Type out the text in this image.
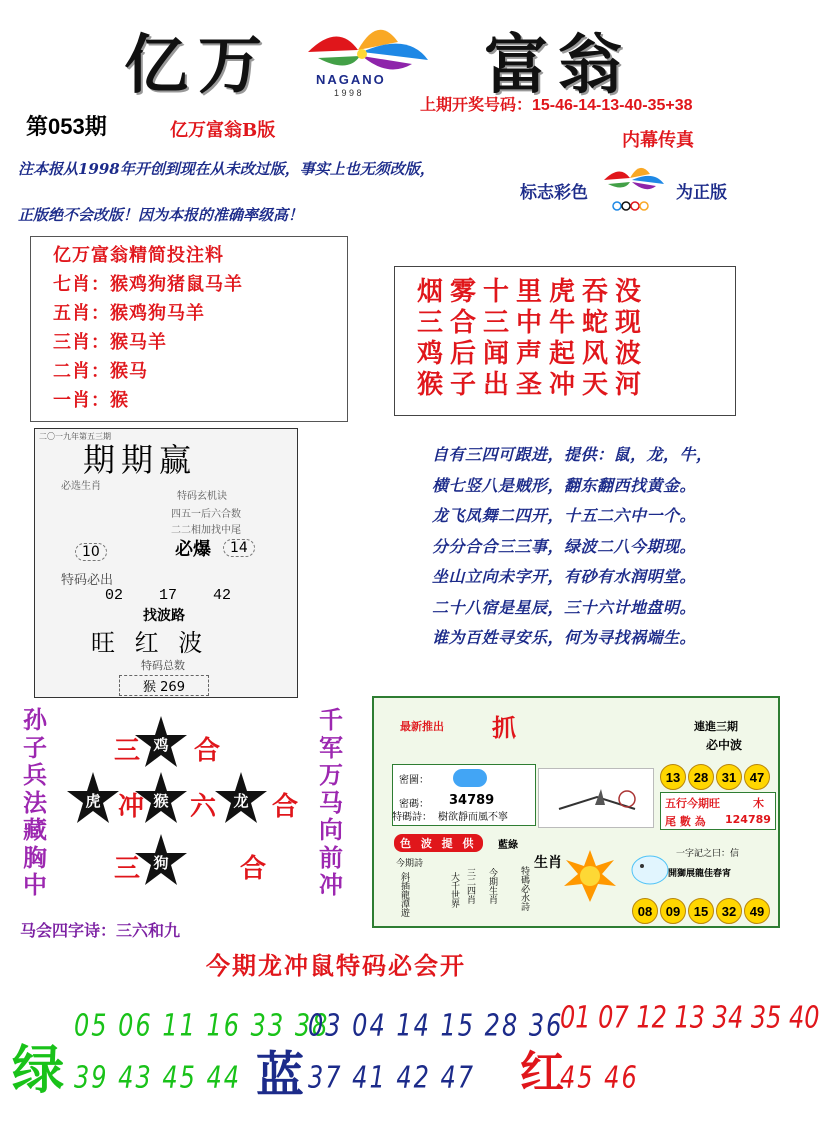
亿万	NAGANO
1 9 9 8 富翁
第053期	亿万富翁B版
上期开奖号码：15-46-14-13-40-35+38
内幕传真
注本报从1998年开创到现在从未改过版，事实上也无须改版，
正版绝不会改版！因为本报的准确率级高！
标志彩色	为正版
亿万富翁精简投注料
七肖：猴鸡狗猪鼠马羊
五肖：猴鸡狗马羊
三肖：猴马羊
二肖：猴马
一肖：猴
烟雾十里虎吞没
三合三中牛蛇现
鸡后闻声起风波
猴子出圣冲天河
二〇一九年第五三期
期期赢
必选生肖
特码玄机诀
四五一后六合数
二二相加找中尾
必爆
10	14
特码必出
02    17    42
找波路
旺 红 波
特码总数
猴 269
自有三四可跟进，提供：鼠，龙，牛，
横七竖八是贼形，翻东翻西找黄金。
龙飞凤舞二四开，十五二六中一个。
分分合合三三事，绿波二八今期现。
坐山立向未字开，有砂有水润明堂。
二十八宿是星辰，三十六计地盘明。
谁为百姓寻安乐，何为寻找祸端生。
孙
子
兵
法
藏
胸
中
千
军
万
马
向
前
冲
三 鸡 合
虎 冲 猴 六	龙 合
三 狗	合
马会四字诗：三六和九
最新推出 抓	連進三期
必中波
密圖：
密碼： 34789
特碼詩： 樹欲靜而風不寧
13	28	31	47
五行今期旺	木
尾 數 為 124789
色 波 提 供	藍綠
今期詩
斜插龍潭遊	大千世界 三二四肖 今期生肖 特碼必水詩
生肖
一字記之曰：信
開獅展龍佳春宵
08	09	15	32	49
今期龙冲鼠特码必会开
绿
05 06 11 16 33 38
39 43 45 44 蓝
03 04 14 15 28 36
37 41 42 47 红
01 07 12 13 34 35 40
45 46
